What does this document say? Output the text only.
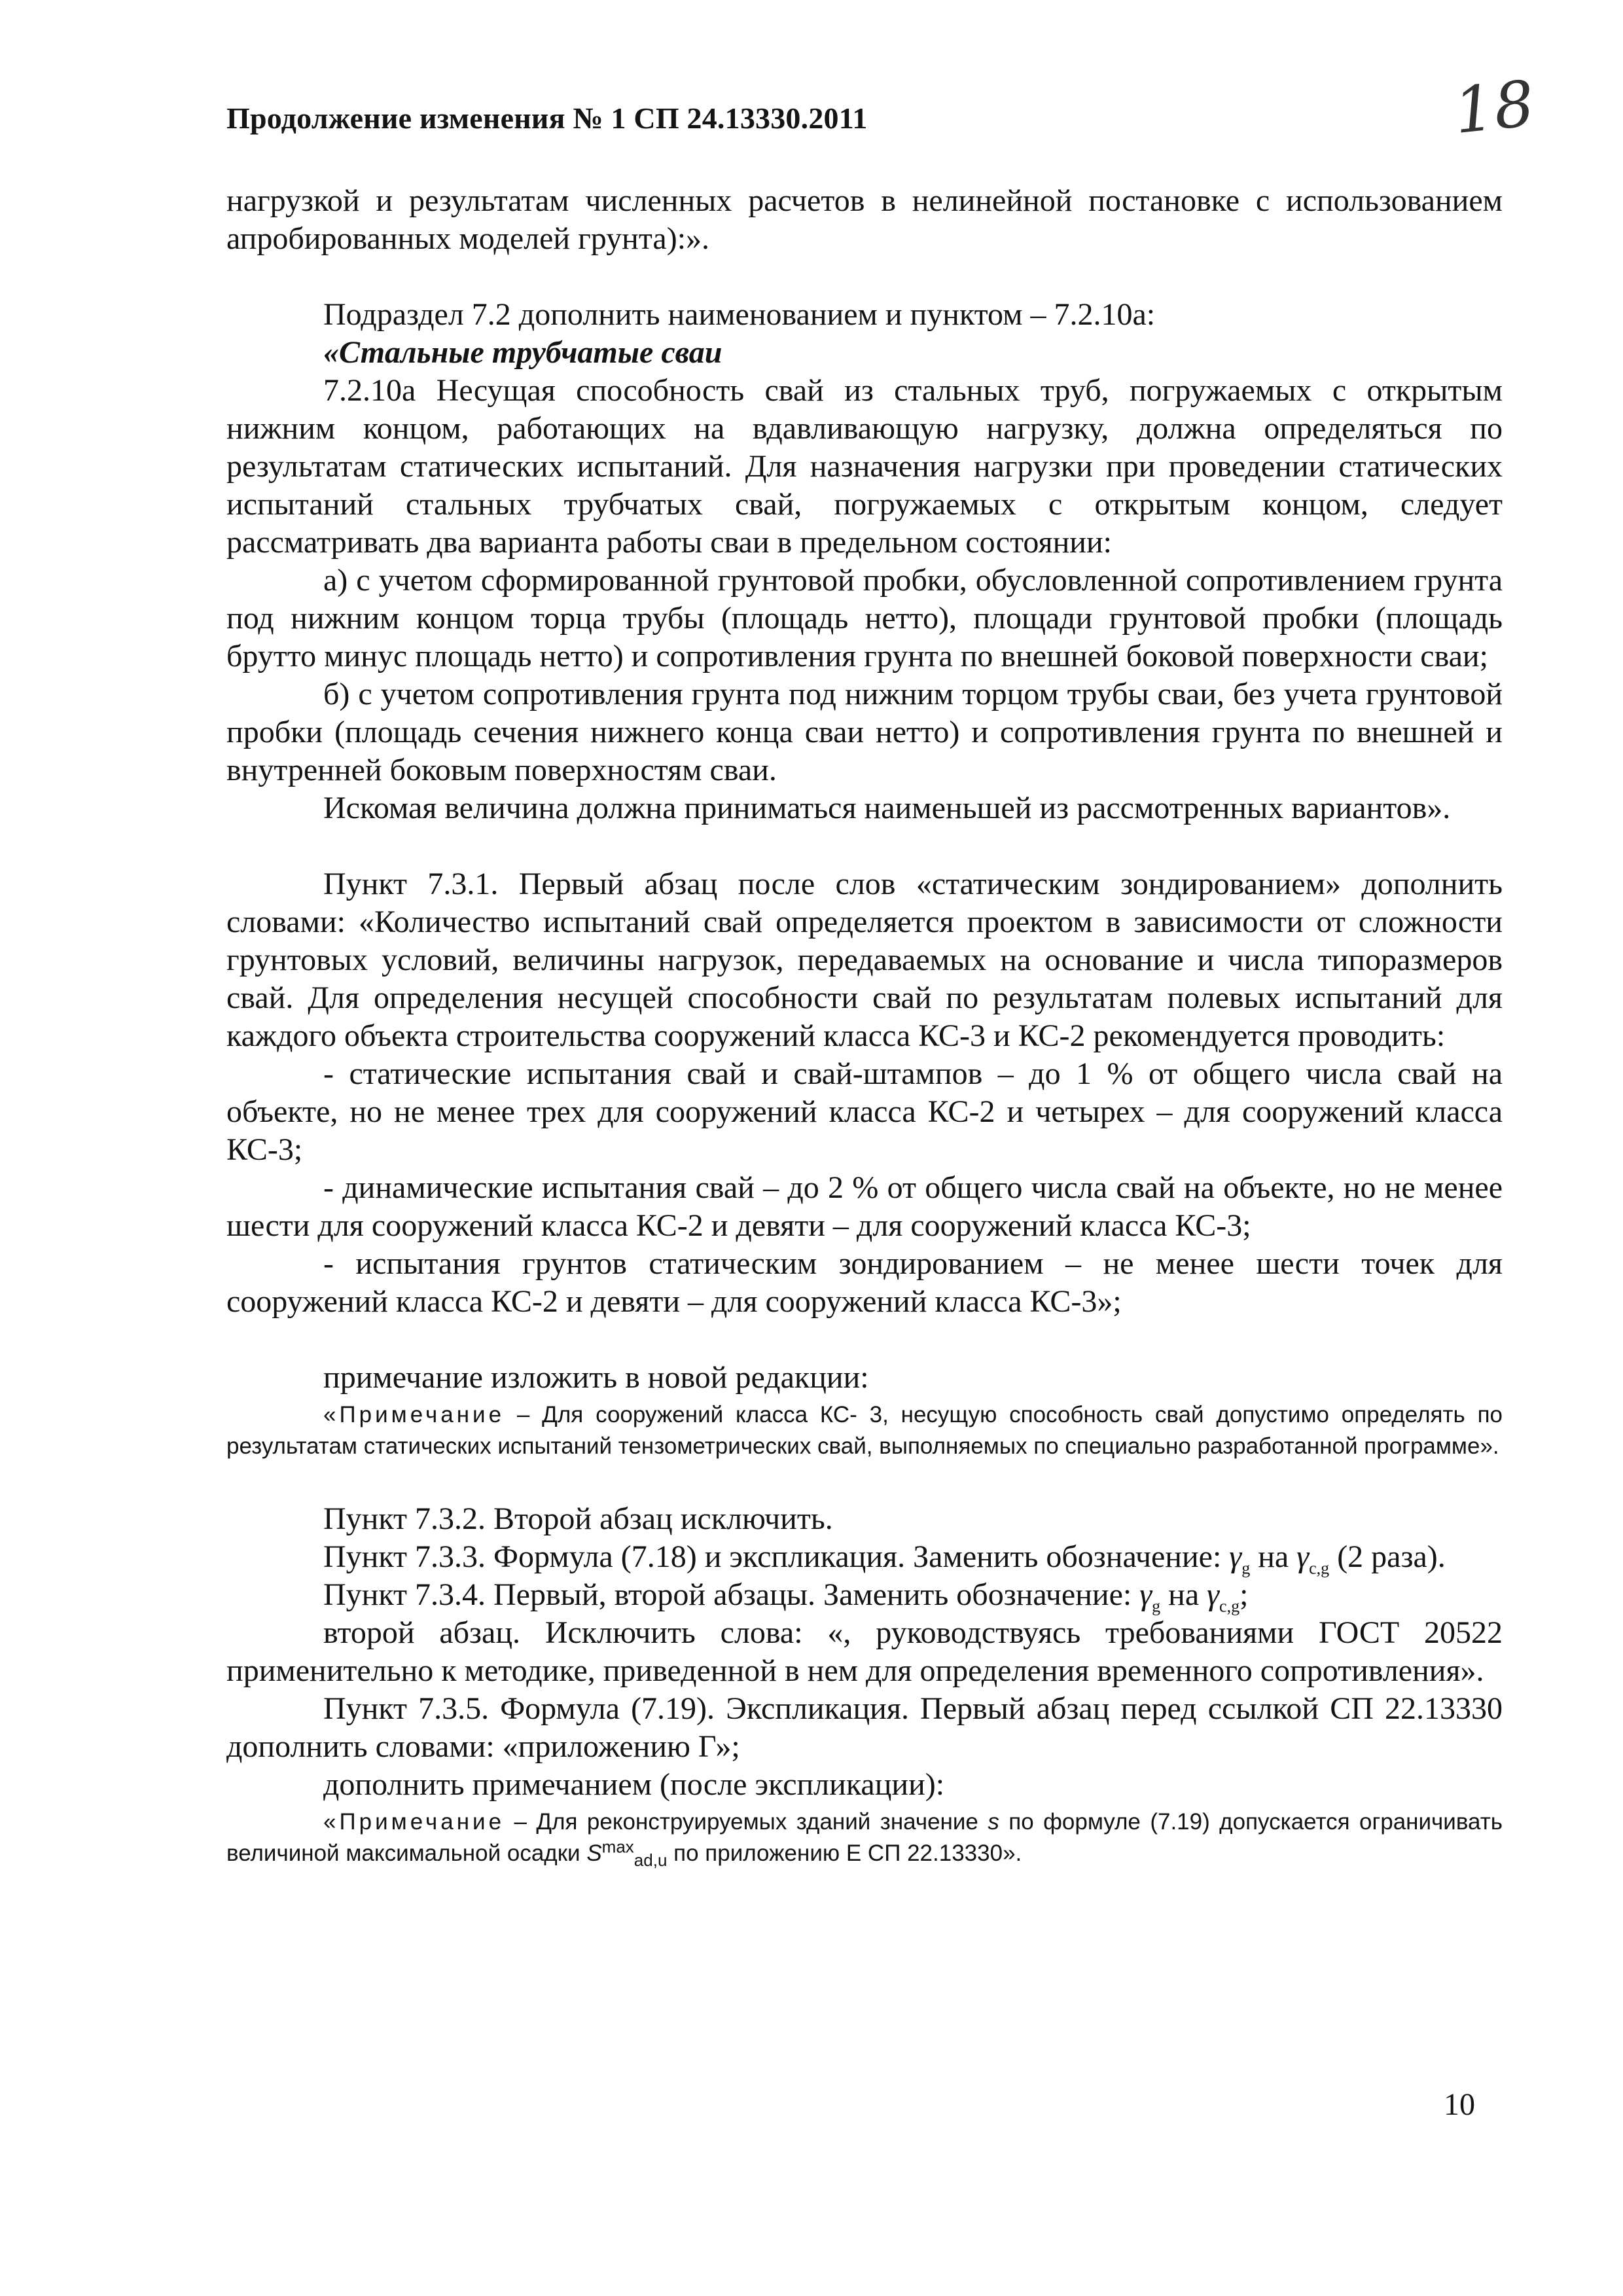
Продолжение изменения № 1 СП 24.13330.2011	18

нагрузкой и результатам численных расчетов в нелинейной постановке с использованием апробированных моделей грунта):».

Подраздел 7.2 дополнить наименованием и пунктом – 7.2.10а:

«Стальные трубчатые сваи

7.2.10а Несущая способность свай из стальных труб, погружаемых с открытым нижним концом, работающих на вдавливающую нагрузку, должна определяться по результатам статических испытаний. Для назначения нагрузки при проведении статических испытаний стальных трубчатых свай, погружаемых с открытым концом, следует рассматривать два варианта работы сваи в предельном состоянии:

а) с учетом сформированной грунтовой пробки, обусловленной сопротивлением грунта под нижним концом торца трубы (площадь нетто), площади грунтовой пробки (площадь брутто минус площадь нетто) и сопротивления грунта по внешней боковой поверхности сваи;

б) с учетом сопротивления грунта под нижним торцом трубы сваи, без учета грунтовой пробки (площадь сечения нижнего конца сваи нетто) и сопротивления грунта по внешней и внутренней боковым поверхностям сваи.

Искомая величина должна приниматься наименьшей из рассмотренных вариантов».

Пункт 7.3.1. Первый абзац после слов «статическим зондированием» дополнить словами: «Количество испытаний свай определяется проектом в зависимости от сложности грунтовых условий, величины нагрузок, передаваемых на основание и числа типоразмеров свай. Для определения несущей способности свай по результатам полевых испытаний для каждого объекта строительства сооружений класса КС-3 и КС-2 рекомендуется проводить:

- статические испытания свай и свай-штампов – до 1 % от общего числа свай на объекте, но не менее трех для сооружений класса КС-2 и четырех – для сооружений класса КС-3;

- динамические испытания свай – до 2 % от общего числа свай на объекте, но не менее шести для сооружений класса КС-2 и девяти – для сооружений класса КС-3;

- испытания грунтов статическим зондированием – не менее шести точек для сооружений класса КС-2 и девяти – для сооружений класса КС-3»;

примечание изложить в новой редакции:

«Примечание – Для сооружений класса КС- 3, несущую способность свай допустимо определять по результатам статических испытаний тензометрических свай, выполняемых по специально разработанной программе».

Пункт 7.3.2. Второй абзац исключить.

Пункт 7.3.3. Формула (7.18) и экспликация. Заменить обозначение: $\gamma_g$ на $\gamma_{c,g}$ (2 раза).

Пункт 7.3.4. Первый, второй абзацы. Заменить обозначение: $\gamma_g$ на $\gamma_{c,g}$;

второй абзац. Исключить слова: «, руководствуясь требованиями ГОСТ 20522 применительно к методике, приведенной в нем для определения временного сопротивления».

Пункт 7.3.5. Формула (7.19). Экспликация. Первый абзац перед ссылкой СП 22.13330 дополнить словами: «приложению Г»;

дополнить примечанием (после экспликации):

«Примечание – Для реконструируемых зданий значение s по формуле (7.19) допускается ограничивать величиной максимальной осадки $S^{max}_{ad,u}$ по приложению Е СП 22.13330».

10
